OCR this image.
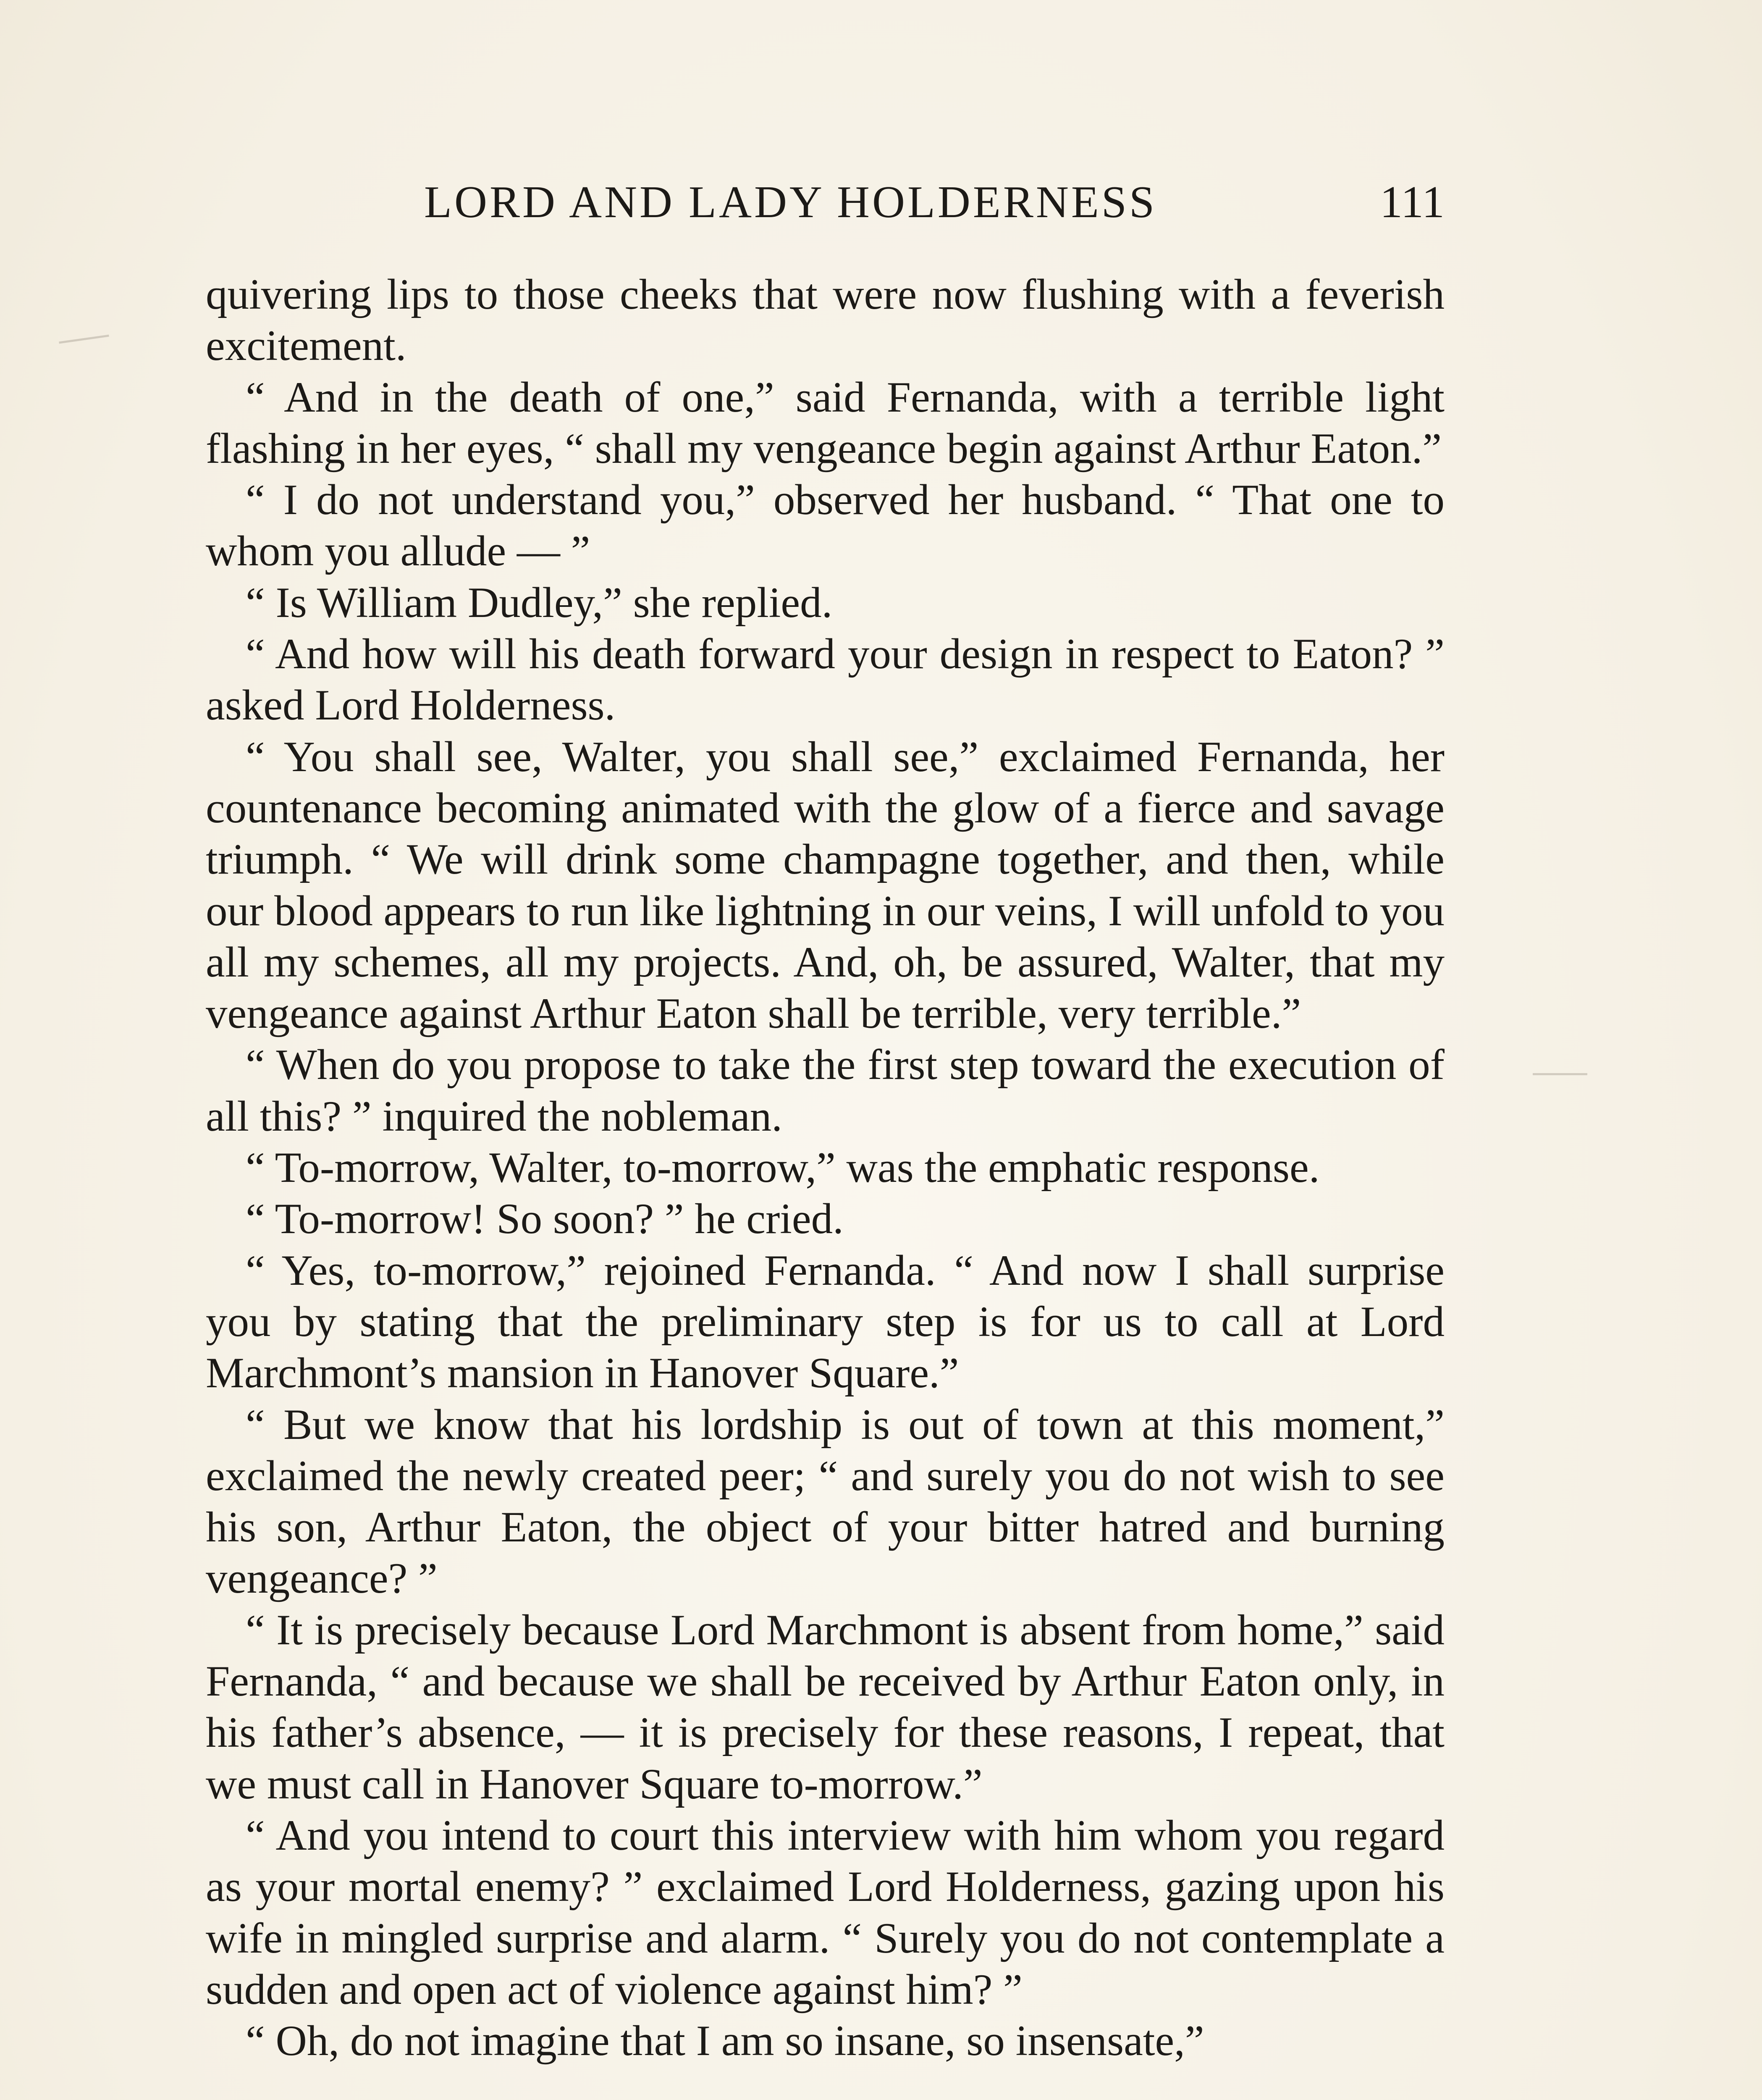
LORD AND LADY HOLDERNESS	111

quivering lips to those cheeks that were now flushing with a feverish excitement.

“ And in the death of one,” said Fernanda, with a terrible light flashing in her eyes, “ shall my vengeance begin against Arthur Eaton.”

“ I do not understand you,” observed her husband. “ That one to whom you allude — ”

“ Is William Dudley,” she replied.

“ And how will his death forward your design in respect to Eaton? ” asked Lord Holderness.

“ You shall see, Walter, you shall see,” exclaimed Fernanda, her countenance becoming animated with the glow of a fierce and savage triumph. “ We will drink some champagne together, and then, while our blood appears to run like lightning in our veins, I will unfold to you all my schemes, all my projects. And, oh, be assured, Walter, that my vengeance against Arthur Eaton shall be terrible, very terrible.”

“ When do you propose to take the first step toward the execution of all this? ” inquired the nobleman.

“ To-morrow, Walter, to-morrow,” was the emphatic response.

“ To-morrow! So soon? ” he cried.

“ Yes, to-morrow,” rejoined Fernanda. “ And now I shall surprise you by stating that the preliminary step is for us to call at Lord Marchmont’s mansion in Hanover Square.”

“ But we know that his lordship is out of town at this moment,” exclaimed the newly created peer; “ and surely you do not wish to see his son, Arthur Eaton, the object of your bitter hatred and burning vengeance? ”

“ It is precisely because Lord Marchmont is absent from home,” said Fernanda, “ and because we shall be received by Arthur Eaton only, in his father’s absence, — it is precisely for these reasons, I repeat, that we must call in Hanover Square to-morrow.”

“ And you intend to court this interview with him whom you regard as your mortal enemy? ” exclaimed Lord Holderness, gazing upon his wife in mingled surprise and alarm. “ Surely you do not contemplate a sudden and open act of violence against him? ”

“ Oh, do not imagine that I am so insane, so insensate,”
